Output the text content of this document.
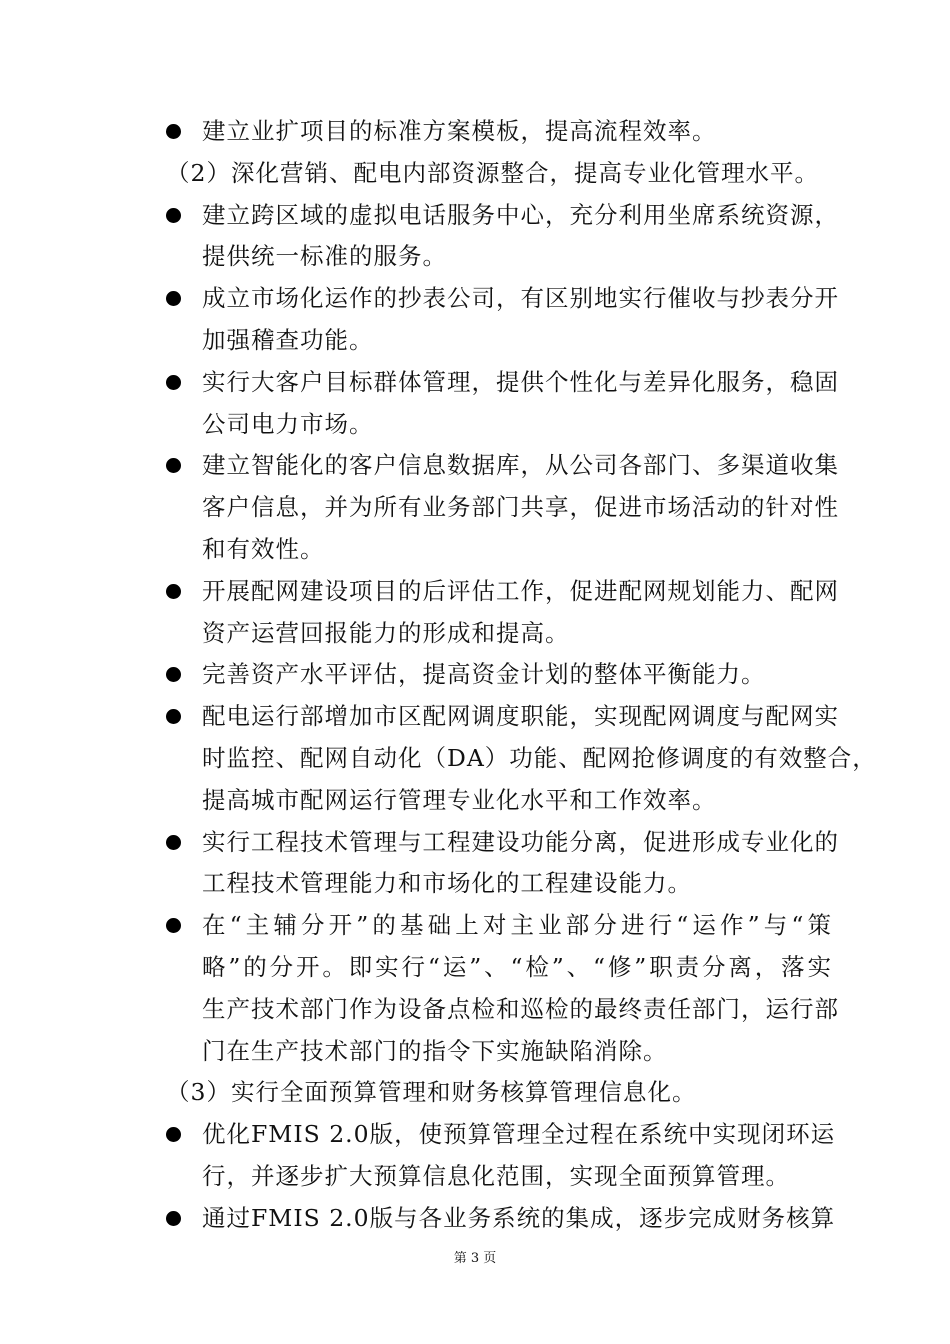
建立业扩项目的标准方案模板，提高流程效率。
（2）深化营销、配电内部资源整合，提高专业化管理水平。
建立跨区域的虚拟电话服务中心，充分利用坐席系统资源，
提供统一标准的服务。
成立市场化运作的抄表公司，有区别地实行催收与抄表分开
加强稽查功能。
实行大客户目标群体管理，提供个性化与差异化服务，稳固
公司电力市场。
建立智能化的客户信息数据库，从公司各部门、多渠道收集
客户信息，并为所有业务部门共享，促进市场活动的针对性
和有效性。
开展配网建设项目的后评估工作，促进配网规划能力、配网
资产运营回报能力的形成和提高。
完善资产水平评估，提高资金计划的整体平衡能力。
配电运行部增加市区配网调度职能，实现配网调度与配网实
时监控、配网自动化（DA）功能、配网抢修调度的有效整合，
提高城市配网运行管理专业化水平和工作效率。
实行工程技术管理与工程建设功能分离，促进形成专业化的
工程技术管理能力和市场化的工程建设能力。
在“主辅分开”的基础上对主业部分进行“运作”与“策
略”的分开。即实行“运”、“检”、“修”职责分离，落实
生产技术部门作为设备点检和巡检的最终责任部门，运行部
门在生产技术部门的指令下实施缺陷消除。
（3）实行全面预算管理和财务核算管理信息化。
优化FMIS 2.0版，使预算管理全过程在系统中实现闭环运
行，并逐步扩大预算信息化范围，实现全面预算管理。
通过FMIS 2.0版与各业务系统的集成，逐步完成财务核算
第 3 页
